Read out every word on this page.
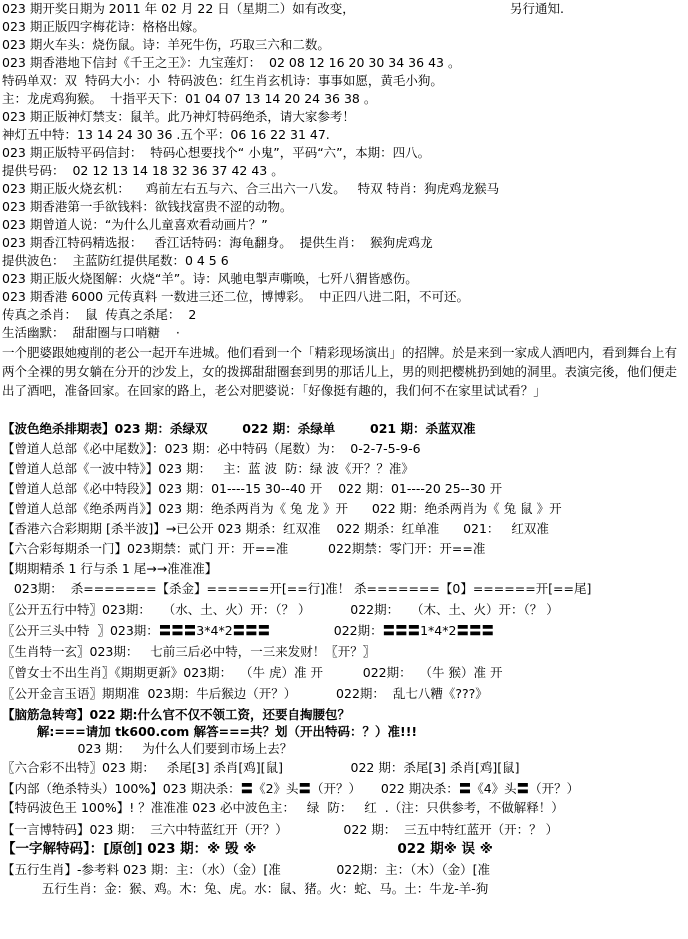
023 期开奖日期为 2011 年 02 月 22 日（星期二）如有改变，	另行通知.
023 期正版四字梅花诗：格格出嫁。
023 期火车头：烧伤鼠。诗：羊死牛伤，巧取三六和二数。
023 期香港地下信封《千王之王》：九宝莲灯：  02 08 12 16 20 30 34 36 43 。
特码单双：双  特码大小：小  特码波色：红生肖玄机诗：事事如愿，黄毛小狗。
主：龙虎鸡狗猴。  十指平天下：01 04 07 13 14 20 24 36 38 。
023 期正版神灯禁支：鼠羊。此乃神灯特码绝杀，请大家参考！
神灯五中特：13 14 24 30 36 .五个平：06 16 22 31 47.
023 期正版特平码信封：  特码心想要找个“ 小鬼”，平码“六”，本期：四八。
提供号码：  02 12 13 14 18 32 36 37 42 43 。
023 期正版火烧玄机：    鸡前左右五与六、合三出六一八发。   特双 特肖：狗虎鸡龙猴马
023 期香港第一手欲钱料：欲钱找富贵不涩的动物。
023 期曾道人说：“为什么儿童喜欢看动画片？”
023 期香江特码精选报：   香江话特码：海龟翻身。  提供生肖：  猴狗虎鸡龙
提供波色：  主蓝防红提供尾数：0 4 5 6
023 期正版火烧图解：火烧“羊”。诗：风驰电掣声嘶唤，七歼八猬皆感伤。
023 期香港 6000 元传真料 一数进三还二位，博博彩。  中正四八进二阳，不可还。
传真之杀肖：  鼠  传真之杀尾：  2
生活幽默：  甜甜圈与口哨糖    ·
一个肥婆跟她瘦削的老公一起开车进城。他们看到一个「精彩现场演出」的招牌。於是来到一家成人酒吧内，看到舞台上有两个全裸的男女躺在分开的沙发上，女的拨掷甜甜圈套到男的那话儿上，男的则把樱桃扔到她的洞里。表演完後，他们便走出了酒吧，准备回家。在回家的路上，老公对肥婆说：「好像挺有趣的，我们何不在家里试试看？」
【波色绝杀排期表】023 期：杀绿双        022 期：杀绿单        021 期：杀蓝双准
【曾道人总部《必中尾数》】：023 期：必中特码（尾数）为：  0-2-7-5-9-6
【曾道人总部《一波中特》】023 期：   主：蓝 波  防：绿 波《开？？准》
【曾道人总部《必中特段》】023 期：01----15 30--40 开    022 期：01----20 25--30 开
【曾道人总部《绝杀两肖》】023 期：绝杀两肖为《 兔 龙 》开      022 期：绝杀两肖为《 兔 鼠 》开
【香港六合彩期期 [杀半波]】→已公开 023 期杀：红双准    022 期杀：红单准      021：   红双准
【六合彩每期杀一门】023期禁：贰门 开：开==准          022期禁：零门开：开==准
【期期精杀 1 行与杀 1 尾→→准准准】
023期：  杀=======【杀金】======开[==行]准！ 杀=======【0】======开[==尾]
〖公开五行中特〗023期：   （水、土、火）开：（？ ）          022期：   （木、土、火）开：（？ ）
〖公开三头中特  〗023期：〓〓〓3*4*2〓〓〓                022期：〓〓〓1*4*2〓〓〓
〖生肖特一玄〗023期：   七前三后必中特，一三来发财！〖开？〗
〖曾女士不出生肖〗《期期更新》023期：  （牛 虎）准 开          022期：  （牛 猴）准 开
〖公开金言玉语〗期期准  023期：牛后猴边（开？）          022期：  乱七八糟《???》
【脑筋急转弯】022 期:什么官不仅不领工资，还要自掏腰包？
解:===请加 tk600.com 解答===共？划（开出特码：？）准!!!
023 期：   为什么人们要到市场上去？
〖六合彩不出特〗023 期：   杀尾[3] 杀肖[鸡][鼠]                 022 期：杀尾[3] 杀肖[鸡][鼠]
【内部（绝杀特头）100%】023 期决杀：〓《2》头〓（开？）     022 期决杀：〓《4》头〓（开？）
【特码波色王 100%】! ？准准准 023 必中波色主：   绿  防：   红  .（注：只供参考，不做解释！）
【一言博特码】023 期：  三六中特蓝红开（开？）              022 期：  三五中特红蓝开（开：？ ）
【一字解特码】：[原创] 023 期：※ 毁 ※                              022 期※ 误 ※
【五行生肖】-参考料 023 期：主：（水）（金）[准              022期：主：（木）（金）[准
五行生肖：金：猴、鸡。木：兔、虎。水：鼠、猪。火：蛇、马。土：牛龙-羊-狗
